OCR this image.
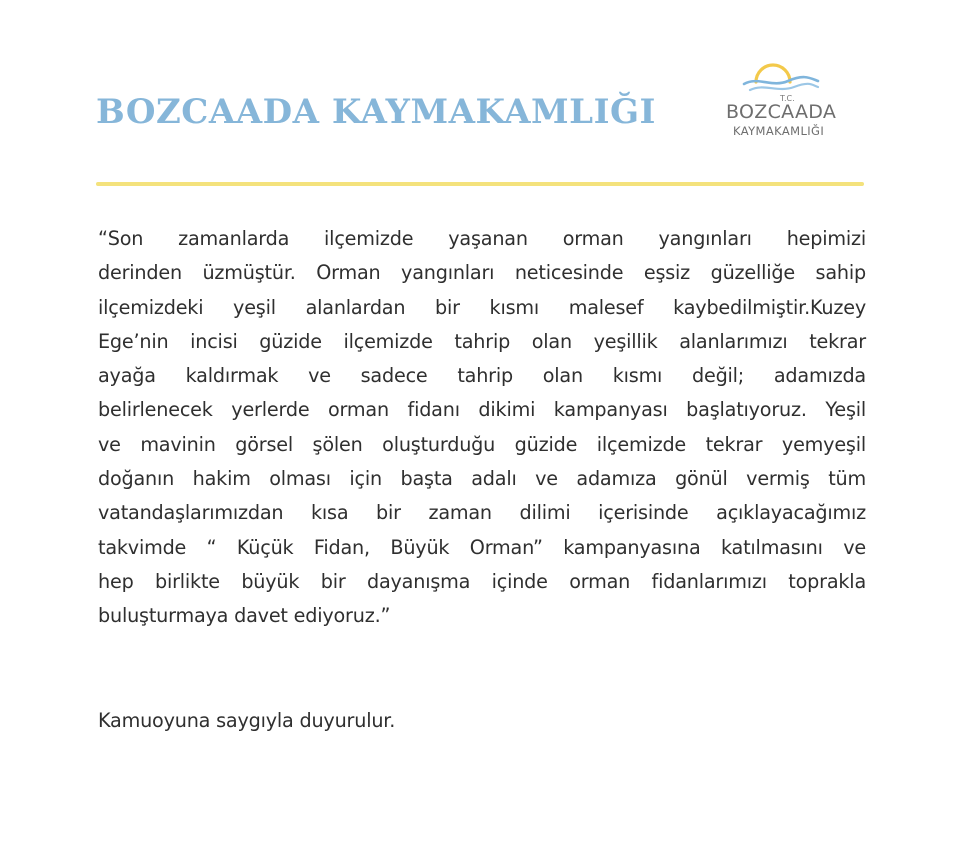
BOZCAADA KAYMAKAMLIĞI	T.C.
BOZCAADA
KAYMAKAMLIĞI

“Son zamanlarda ilçemizde yaşanan orman yangınları hepimizi
derinden üzmüştür. Orman yangınları neticesinde eşsiz güzelliğe sahip
ilçemizdeki yeşil alanlardan bir kısmı malesef kaybedilmiştir.Kuzey
Ege’nin incisi güzide ilçemizde tahrip olan yeşillik alanlarımızı tekrar
ayağa kaldırmak ve sadece tahrip olan kısmı değil; adamızda
belirlenecek yerlerde orman fidanı dikimi kampanyası başlatıyoruz. Yeşil
ve mavinin görsel şölen oluşturduğu güzide ilçemizde tekrar yemyeşil
doğanın hakim olması için başta adalı ve adamıza gönül vermiş tüm
vatandaşlarımızdan kısa bir zaman dilimi içerisinde açıklayacağımız
takvimde “ Küçük Fidan, Büyük Orman” kampanyasına katılmasını ve
hep birlikte büyük bir dayanışma içinde orman fidanlarımızı toprakla
buluşturmaya davet ediyoruz.”

Kamuoyuna saygıyla duyurulur.
